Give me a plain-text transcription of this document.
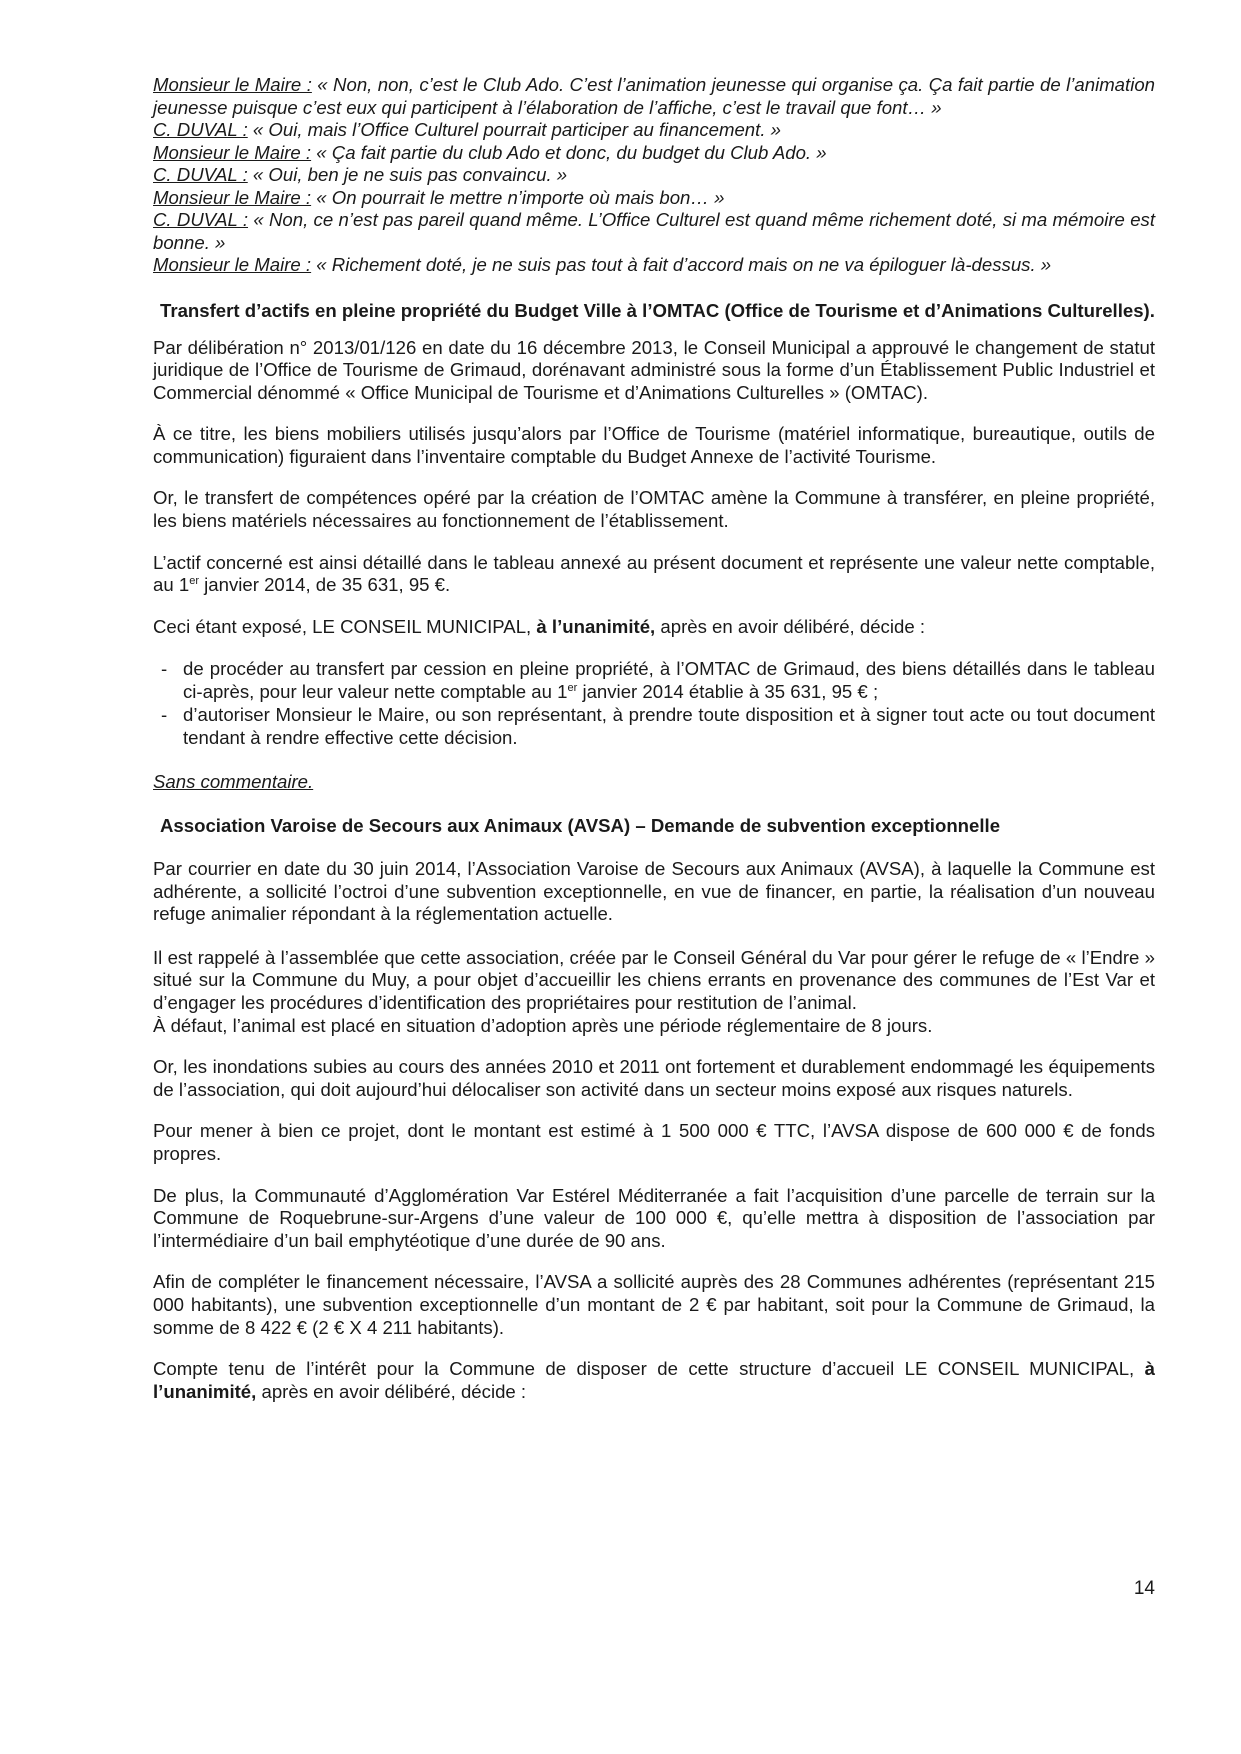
Monsieur le Maire : « Non, non, c’est le Club Ado. C’est l’animation jeunesse qui organise ça. Ça fait partie de l’animation jeunesse puisque c’est eux qui participent à l’élaboration de l’affiche, c’est le travail que font… »

C. DUVAL : « Oui, mais l’Office Culturel pourrait participer au financement. »

Monsieur le Maire : « Ça fait partie du club Ado et donc, du budget du Club Ado. »

C. DUVAL : « Oui, ben je ne suis pas convaincu. »

Monsieur le Maire : « On pourrait le mettre n’importe où mais bon… »

C. DUVAL : « Non, ce n’est pas pareil quand même. L’Office Culturel est quand même richement doté, si ma mémoire est bonne. »

Monsieur le Maire : « Richement doté, je ne suis pas tout à fait d’accord mais on ne va épiloguer là-dessus. »

Transfert d’actifs en pleine propriété du Budget Ville à l’OMTAC (Office de Tourisme et d’Animations Culturelles).

Par délibération n° 2013/01/126 en date du 16 décembre 2013, le Conseil Municipal a approuvé le changement de statut juridique de l’Office de Tourisme de Grimaud, dorénavant administré sous la forme d’un Établissement Public Industriel et Commercial dénommé « Office Municipal de Tourisme et d’Animations Culturelles » (OMTAC).

À ce titre, les biens mobiliers utilisés jusqu’alors par l’Office de Tourisme (matériel informatique, bureautique, outils de communication) figuraient dans l’inventaire comptable du Budget Annexe de l’activité Tourisme.

Or, le transfert de compétences opéré par la création de l’OMTAC amène la Commune à transférer, en pleine propriété, les biens matériels nécessaires au fonctionnement de l’établissement.

L’actif concerné est ainsi détaillé dans le tableau annexé au présent document et représente une valeur nette comptable, au 1er janvier 2014, de 35 631, 95 €.

Ceci étant exposé, LE CONSEIL MUNICIPAL, à l’unanimité, après en avoir délibéré, décide :

- de procéder au transfert par cession en pleine propriété, à l’OMTAC de Grimaud, des biens détaillés dans le tableau ci-après, pour leur valeur nette comptable au 1er janvier 2014 établie à 35 631, 95 € ;
- d’autoriser Monsieur le Maire, ou son représentant, à prendre toute disposition et à signer tout acte ou tout document tendant à rendre effective cette décision.

Sans commentaire.

Association Varoise de Secours aux Animaux (AVSA) – Demande de subvention exceptionnelle

Par courrier en date du 30 juin 2014, l’Association Varoise de Secours aux Animaux (AVSA), à laquelle la Commune est adhérente, a sollicité l’octroi d’une subvention exceptionnelle, en vue de financer, en partie, la réalisation d’un nouveau refuge animalier répondant à la réglementation actuelle.

Il est rappelé à l’assemblée que cette association, créée par le Conseil Général du Var pour gérer le refuge de « l’Endre » situé sur la Commune du Muy, a pour objet d’accueillir les chiens errants en provenance des communes de l’Est Var et d’engager les procédures d’identification des propriétaires pour restitution de l’animal.

À défaut, l’animal est placé en situation d’adoption après une période réglementaire de 8 jours.

Or, les inondations subies au cours des années 2010 et 2011 ont fortement et durablement endommagé les équipements de l’association, qui doit aujourd’hui délocaliser son activité dans un secteur moins exposé aux risques naturels.

Pour mener à bien ce projet, dont le montant est estimé à 1 500 000 € TTC, l’AVSA dispose de 600 000 € de fonds propres.

De plus, la Communauté d’Agglomération Var Estérel Méditerranée a fait l’acquisition d’une parcelle de terrain sur la Commune de Roquebrune-sur-Argens d’une valeur de 100 000 €, qu’elle mettra à disposition de l’association par l’intermédiaire d’un bail emphytéotique d’une durée de 90 ans.

Afin de compléter le financement nécessaire, l’AVSA a sollicité auprès des 28 Communes adhérentes (représentant 215 000 habitants), une subvention exceptionnelle d’un montant de 2 € par habitant, soit pour la Commune de Grimaud, la somme de 8 422 € (2 € X 4 211 habitants).

Compte tenu de l’intérêt pour la Commune de disposer de cette structure d’accueil LE CONSEIL MUNICIPAL, à l’unanimité, après en avoir délibéré, décide :

14
